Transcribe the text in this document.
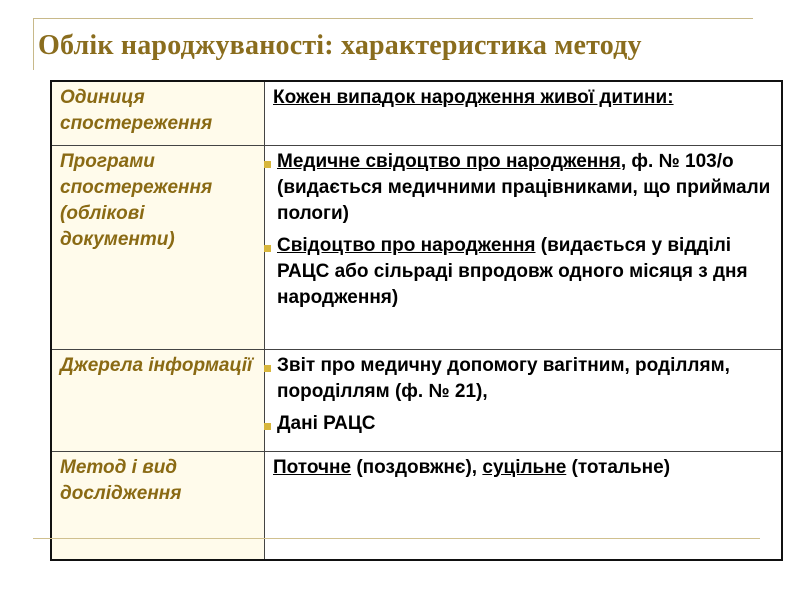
Облік народжуваності: характеристика методу
Одиниця спостереження	Кожен випадок народження живої дитини:
Програми спостереження (облікові документи)	Медичне свідоцтво про народження, ф. № 103/о (видається медичними працівниками, що приймали пологи)
Свідоцтво про народження (видається у відділі РАЦС або сільраді впродовж одного місяця з дня народження)

Джерела інформації	Звіт про медичну допомогу вагітним, роділлям, породіллям (ф. № 21),
Дані РАЦС

Метод і вид дослідження	Поточне (поздовжнє), суцільне (тотальне)
